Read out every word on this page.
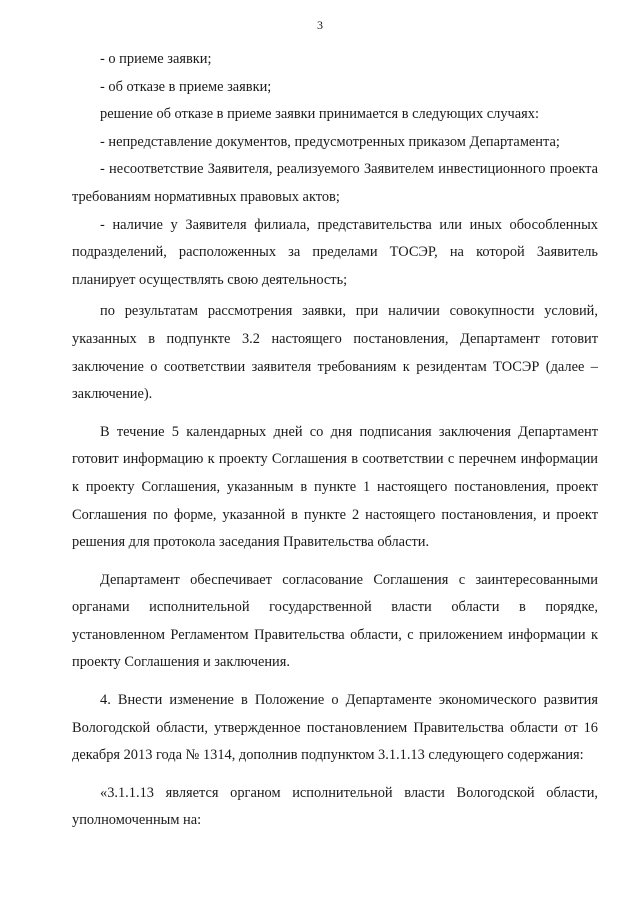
3

- о приеме заявки;

- об отказе в приеме заявки;

решение об отказе в приеме заявки принимается в следующих случаях:

- непредставление документов, предусмотренных приказом Департамента;

- несоответствие Заявителя, реализуемого Заявителем инвестиционного проекта требованиям нормативных правовых актов;

- наличие у Заявителя филиала, представительства или иных обособленных подразделений, расположенных за пределами ТОСЭР, на которой Заявитель планирует осуществлять свою деятельность;

по результатам рассмотрения заявки, при наличии совокупности условий, указанных в подпункте 3.2 настоящего постановления, Департамент готовит заключение о соответствии заявителя требованиям к резидентам ТОСЭР (далее – заключение).

В течение 5 календарных дней со дня подписания заключения Департамент готовит информацию к проекту Соглашения в соответствии с перечнем информации к проекту Соглашения, указанным в пункте 1 настоящего постановления, проект Соглашения по форме, указанной в пункте 2 настоящего постановления, и проект решения для протокола заседания Правительства области.

Департамент обеспечивает согласование Соглашения с заинтересованными органами исполнительной государственной власти области в порядке, установленном Регламентом Правительства области, с приложением информации к проекту Соглашения и заключения.

4. Внести изменение в Положение о Департаменте экономического развития Вологодской области, утвержденное постановлением Правительства области от 16 декабря 2013 года № 1314, дополнив подпунктом 3.1.1.13 следующего содержания:

«3.1.1.13 является органом исполнительной власти Вологодской области, уполномоченным на:
